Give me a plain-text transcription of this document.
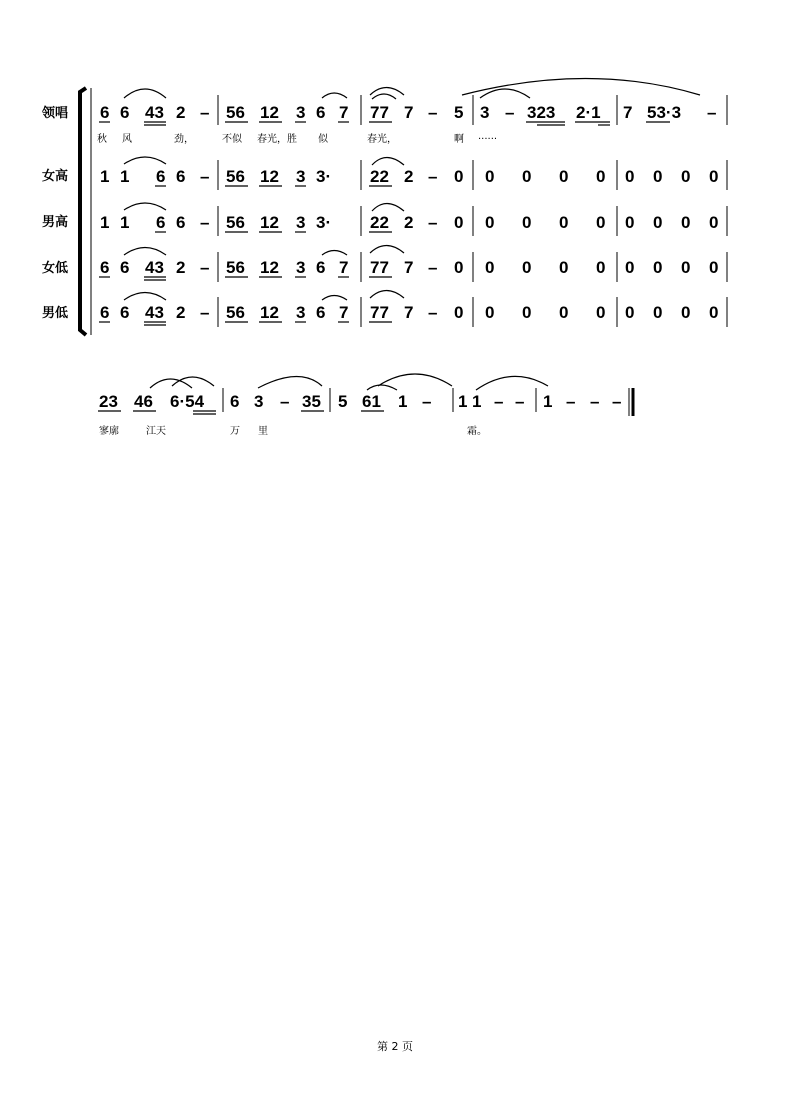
领唱
女高
男高
女低
男低
6 6 43 2 – 56 12 3 6 7 77 7 – 5 3 – 323 2·1 7 53·3 –
秋 风	劲，	不似 春光，胜 似	春光，	啊 ······
1 1 6 6 – 56 12 3 3· 22 2 – 0 0 0 0 0 0 0 0 0
1 1 6 6 – 56 12 3 3· 22 2 – 0 0 0 0 0 0 0 0 0
6 6 43 2 – 56 12 3 6 7 77 7 – 0 0 0 0 0 0 0 0 0
6 6 43 2 – 56 12 3 6 7 77 7 – 0 0 0 0 0 0 0 0 0
23 46 6·54 6 3 – 35 5 61 1 – 1 1 – – 1 – – –
寥廓	江天	万 里	霜。
第 2 页
